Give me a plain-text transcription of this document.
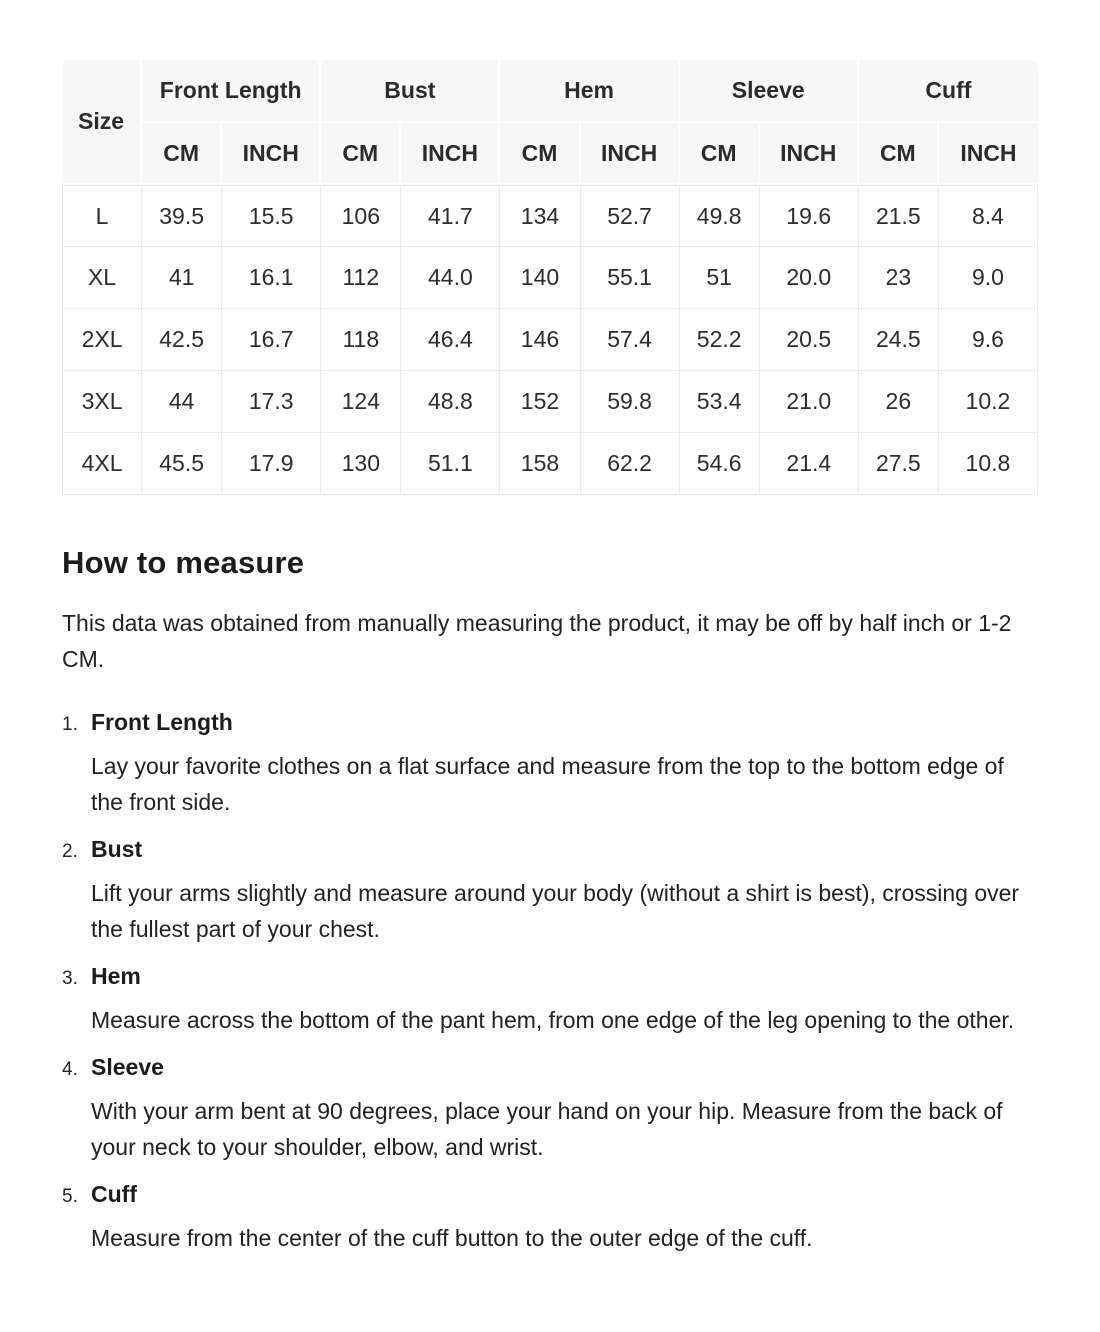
Size	Front Length		Bust		Hem		Sleeve		Cuff	
	CM	INCH	CM	INCH	CM	INCH	CM	INCH	CM	INCH
L	39.5	15.5	106	41.7	134	52.7	49.8	19.6	21.5	8.4
XL	41	16.1	112	44.0	140	55.1	51	20.0	23	9.0
2XL	42.5	16.7	118	46.4	146	57.4	52.2	20.5	24.5	9.6
3XL	44	17.3	124	48.8	152	59.8	53.4	21.0	26	10.2
4XL	45.5	17.9	130	51.1	158	62.2	54.6	21.4	27.5	10.8
How to measure

This data was obtained from manually measuring the product, it may be off by half inch or 1-2 CM.

1. Front Length

Lay your favorite clothes on a flat surface and measure from the top to the bottom edge of the front side.

2. Bust

Lift your arms slightly and measure around your body (without a shirt is best), crossing over the fullest part of your chest.

3. Hem

Measure across the bottom of the pant hem, from one edge of the leg opening to the other.

4. Sleeve

With your arm bent at 90 degrees, place your hand on your hip. Measure from the back of your neck to your shoulder, elbow, and wrist.

5. Cuff

Measure from the center of the cuff button to the outer edge of the cuff.
